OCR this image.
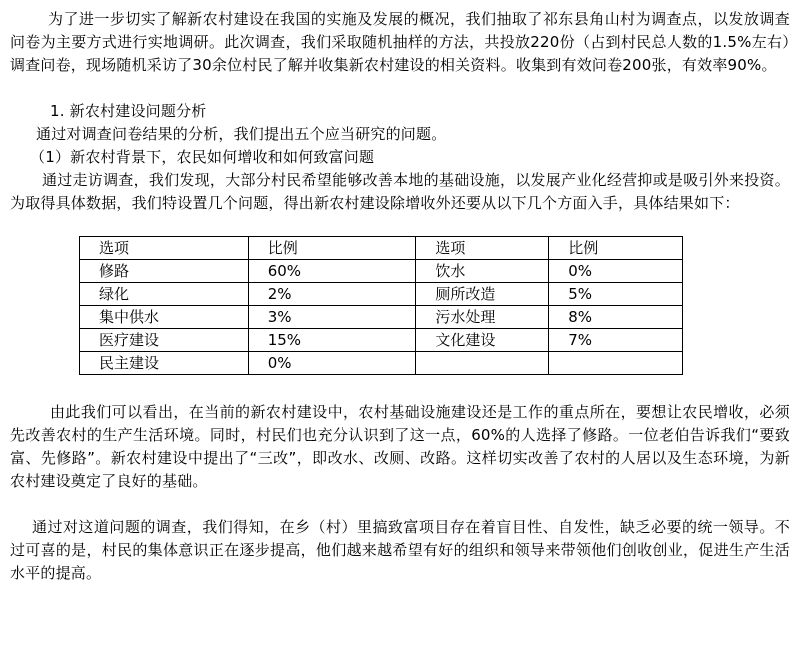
为了进一步切实了解新农村建设在我国的实施及发展的概况，我们抽取了祁东县角山村为调查点，以发放调查问卷为主要方式进行实地调研。此次调查，我们采取随机抽样的方法，共投放220份（占到村民总人数的1.5%左右）调查问卷，现场随机采访了30余位村民了解并收集新农村建设的相关资料。收集到有效问卷200张，有效率90%。

1. 新农村建设问题分析

通过对调查问卷结果的分析，我们提出五个应当研究的问题。

（1）新农村背景下，农民如何增收和如何致富问题

通过走访调查，我们发现，大部分村民希望能够改善本地的基础设施，以发展产业化经营抑或是吸引外来投资。为取得具体数据，我们特设置几个问题，得出新农村建设除增收外还要从以下几个方面入手，具体结果如下：

选项	比例	选项	比例
修路	60%	饮水	0%
绿化	2%	厕所改造	5%
集中供水	3%	污水处理	8%
医疗建设	15%	文化建设	7%
民主建设	0%		

由此我们可以看出，在当前的新农村建设中，农村基础设施建设还是工作的重点所在，要想让农民增收，必须先改善农村的生产生活环境。同时，村民们也充分认识到了这一点，60%的人选择了修路。一位老伯告诉我们“要致富、先修路”。新农村建设中提出了“三改”，即改水、改厕、改路。这样切实改善了农村的人居以及生态环境，为新农村建设奠定了良好的基础。

通过对这道问题的调查，我们得知，在乡（村）里搞致富项目存在着盲目性、自发性，缺乏必要的统一领导。不过可喜的是，村民的集体意识正在逐步提高，他们越来越希望有好的组织和领导来带领他们创收创业，促进生产生活水平的提高。
